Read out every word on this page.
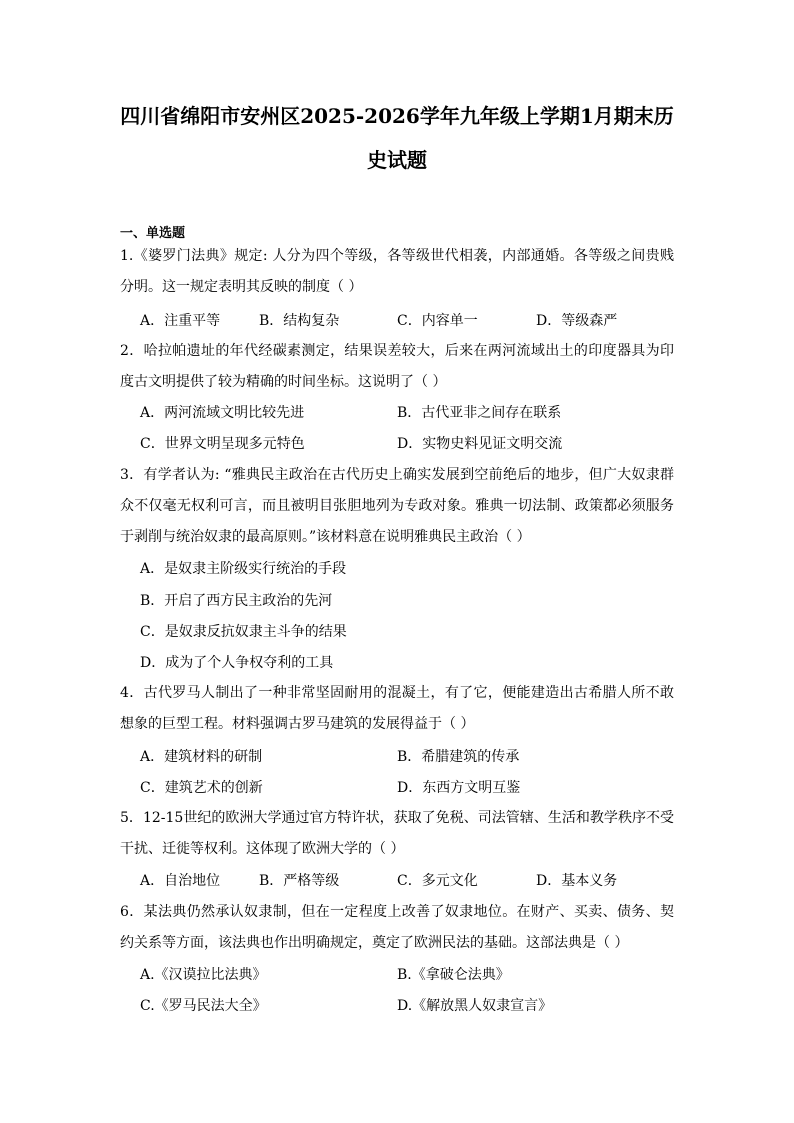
四川省绵阳市安州区2025-2026学年九年级上学期1月期末历
史试题
一、单选题
1.《婆罗门法典》规定: 人分为四个等级，各等级世代相袭，内部通婚。各等级之间贵贱分明。这一规定表明其反映的制度（ ）
A．注重平等	B．结构复杂	C．内容单一	D．等级森严
2．哈拉帕遗址的年代经碳素测定，结果误差较大，后来在两河流域出土的印度器具为印度古文明提供了较为精确的时间坐标。这说明了（ ）
A．两河流域文明比较先进	B．古代亚非之间存在联系
C．世界文明呈现多元特色	D．实物史料见证文明交流
3．有学者认为: “雅典民主政治在古代历史上确实发展到空前绝后的地步，但广大奴隶群众不仅毫无权利可言，而且被明目张胆地列为专政对象。雅典一切法制、政策都必须服务于剥削与统治奴隶的最高原则。”该材料意在说明雅典民主政治（ ）
A．是奴隶主阶级实行统治的手段
B．开启了西方民主政治的先河
C．是奴隶反抗奴隶主斗争的结果
D．成为了个人争权夺利的工具
4．古代罗马人制出了一种非常坚固耐用的混凝土，有了它，便能建造出古希腊人所不敢想象的巨型工程。材料强调古罗马建筑的发展得益于（ ）
A．建筑材料的研制	B．希腊建筑的传承
C．建筑艺术的创新	D．东西方文明互鉴
5．12-15世纪的欧洲大学通过官方特许状，获取了免税、司法管辖、生活和教学秩序不受干扰、迁徙等权利。这体现了欧洲大学的（ ）
A．自治地位	B．严格等级	C．多元文化	D．基本义务
6．某法典仍然承认奴隶制，但在一定程度上改善了奴隶地位。在财产、买卖、债务、契约关系等方面，该法典也作出明确规定，奠定了欧洲民法的基础。这部法典是（ ）
A.《汉谟拉比法典》	B.《拿破仑法典》
C.《罗马民法大全》	D.《解放黑人奴隶宣言》
